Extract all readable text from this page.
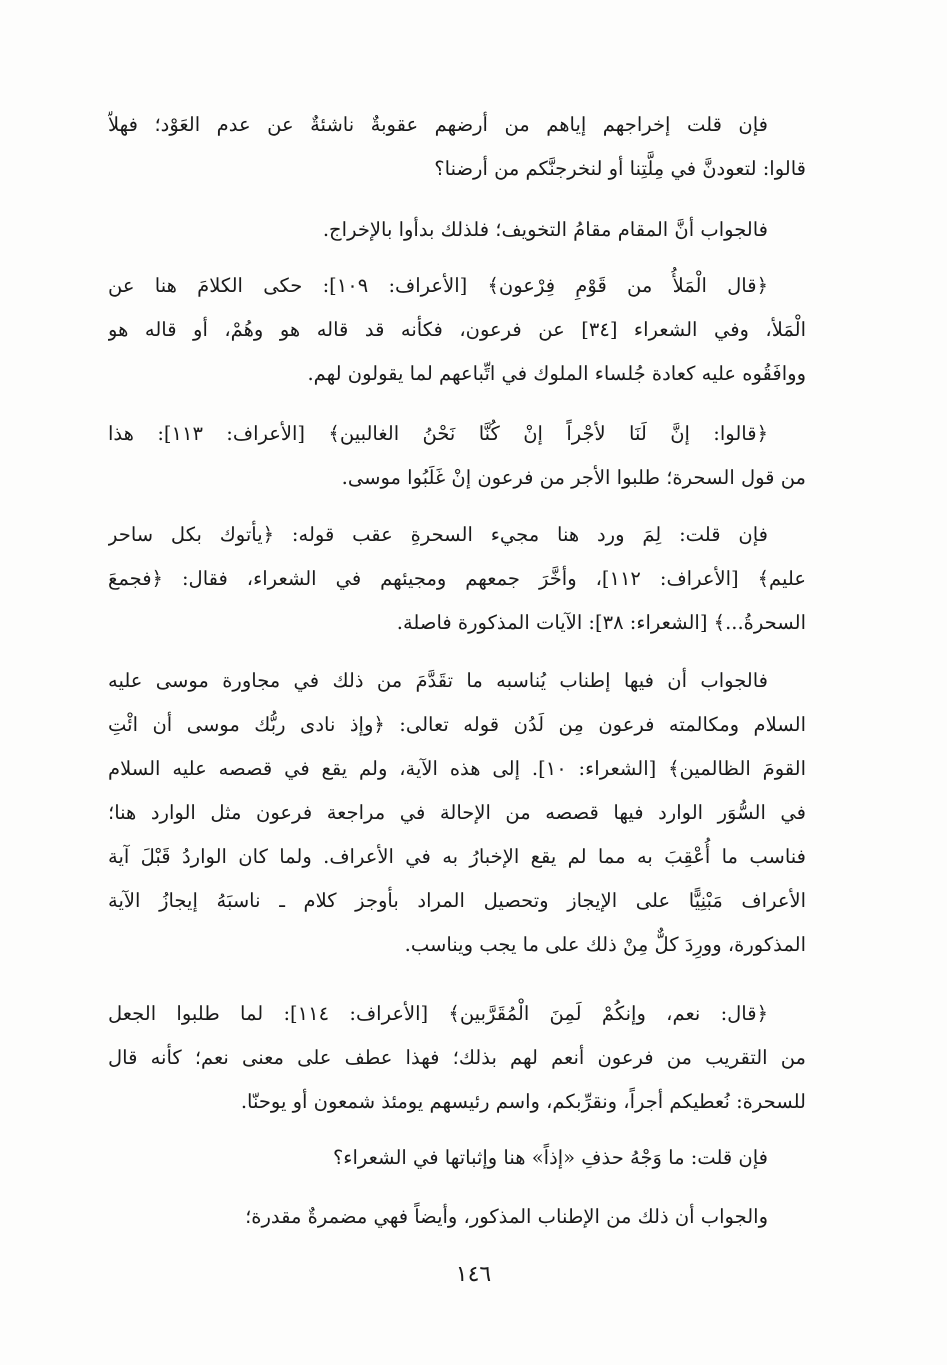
فإن قلت إخراجهم إياهم من أرضهم عقوبةٌ ناشئةٌ عن عدم العَوْد؛ فهلاّ
قالوا: لتعودنَّ في مِلَّتِنا أو لنخرجنَّكم من أرضنا؟

فالجواب أنَّ المقام مقامُ التخويف؛ فلذلك بدأوا بالإخراج.

﴿قال الْمَلأُ من قَوْمِ فِرْعون﴾ [الأعراف: ١٠٩]: حكى الكلامَ هنا عن
الْمَلأ، وفي الشعراء [٣٤] عن فرعون، فكأنه قد قاله هو وهُمْ، أو قاله هو
ووافَقُوه عليه كعادة جُلساء الملوك في اتِّباعهم لما يقولون لهم.

﴿قالوا: إنَّ لَنَا لأجْراً إنْ كُنَّا نَحْنُ الغالبين﴾ [الأعراف: ١١٣]: هذا
من قول السحرة؛ طلبوا الأجر من فرعون إنْ غَلَبُوا موسى.

فإن قلت: لِمَ ورد هنا مجيء السحرةِ عقب قوله: ﴿يأتوك بكل ساحر
عليم﴾ [الأعراف: ١١٢]، وأخَّرَ جمعهم ومجيئهم في الشعراء، فقال: ﴿فجمعَ
السحرةُ...﴾ [الشعراء: ٣٨]: الآيات المذكورة فاصلة.

فالجواب أن فيها إطناب يُناسبه ما تقَدَّمَ من ذلك في مجاورة موسى عليه
السلام ومكالمته فرعون مِن لَدُن قوله تعالى: ﴿وإذ نادى ربُّك موسى أن ائْتِ
القومَ الظالمين﴾ [الشعراء: ١٠]. إلى هذه الآية، ولم يقع في قصصه عليه السلام
في السُّوَر الوارد فيها قصصه من الإحالة في مراجعة فرعون مثل الوارد هنا؛
فناسب ما أُعْقِبَ به مما لم يقع الإخبارُ به في الأعراف. ولما كان الواردُ قَبْلَ آية
الأعراف مَبْنِيًّا على الإيجاز وتحصيل المراد بأوجز كلام ـ ناسبَهُ إيجازُ الآية
المذكورة، وورِدَ كلٌّ مِنْ ذلك على ما يجب ويناسب.

﴿قال: نعم، وإنكُمْ لَمِنَ الْمُقَرَّبين﴾ [الأعراف: ١١٤]: لما طلبوا الجعل
من التقريب من فرعون أنعم لهم بذلك؛ فهذا عطف على معنى نعم؛ كأنه قال
للسحرة: نُعطيكم أجراً، ونقرِّبكم، واسم رئيسهم يومئذ شمعون أو يوحنّا.

فإن قلت: ما وَجْهُ حذفِ «إذاً» هنا وإثباتها في الشعراء؟

والجواب أن ذلك من الإطناب المذكور، وأيضاً فهي مضمرةٌ مقدرة؛

١٤٦
